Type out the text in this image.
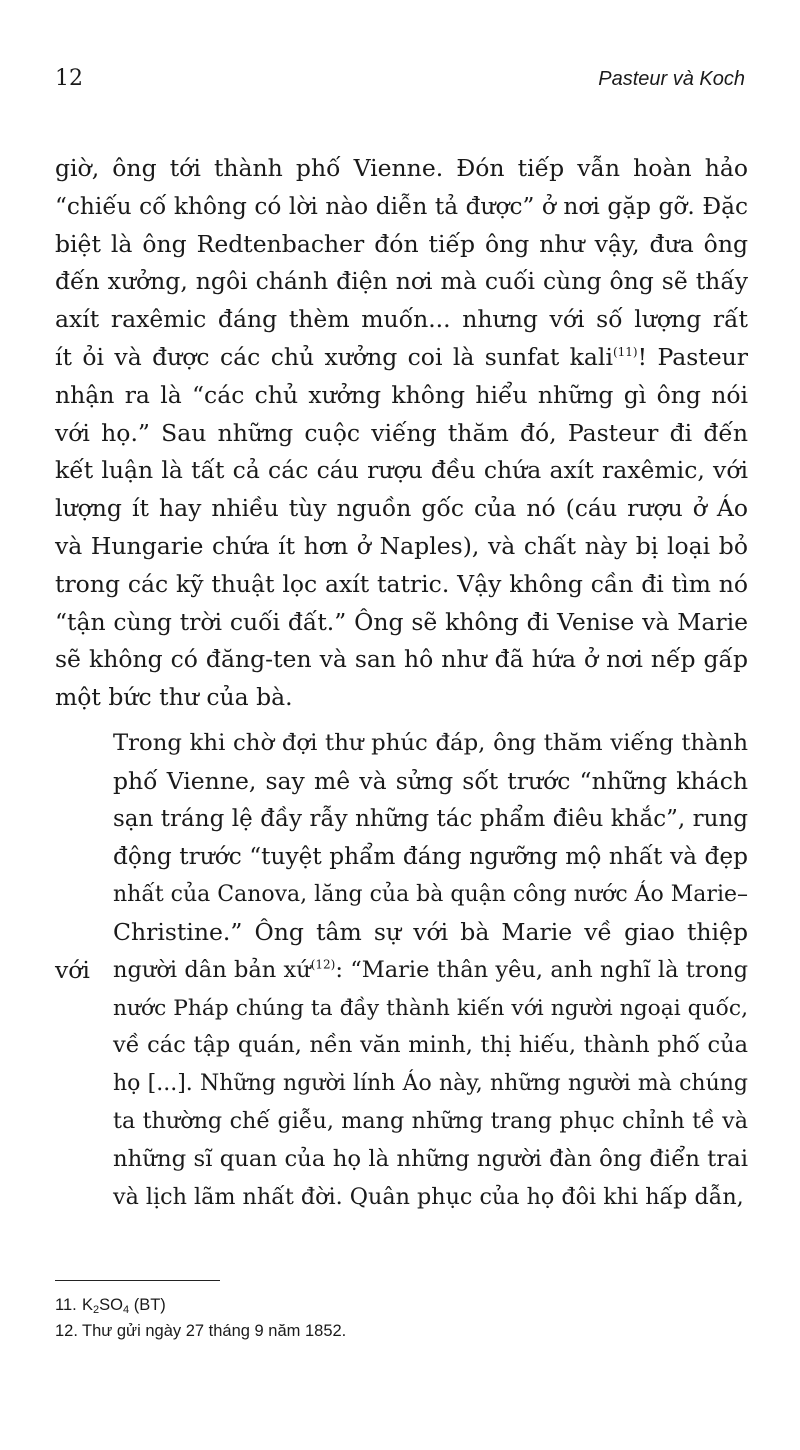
12	Pasteur và Koch
giờ, ông tới thành phố Vienne. Đón tiếp vẫn hoàn hảo
“chiếu cố không có lời nào diễn tả được” ở nơi gặp gỡ. Đặc
biệt là ông Redtenbacher đón tiếp ông như vậy, đưa ông
đến xưởng, ngôi chánh điện nơi mà cuối cùng ông sẽ thấy
axít raxêmic đáng thèm muốn... nhưng với số lượng rất
ít ỏi và được các chủ xưởng coi là sunfat kali$^{(11)}$! Pasteur
nhận ra là “các chủ xưởng không hiểu những gì ông nói
với họ.” Sau những cuộc viếng thăm đó, Pasteur đi đến
kết luận là tất cả các cáu rượu đều chứa axít raxêmic, với
lượng ít hay nhiều tùy nguồn gốc của nó (cáu rượu ở Áo
và Hungarie chứa ít hơn ở Naples), và chất này bị loại bỏ
trong các kỹ thuật lọc axít tatric. Vậy không cần đi tìm nó
“tận cùng trời cuối đất.” Ông sẽ không đi Venise và Marie
sẽ không có đăng-ten và san hô như đã hứa ở nơi nếp gấp
một bức thư của bà.
Trong khi chờ đợi thư phúc đáp, ông thăm viếng thành
phố Vienne, say mê và sửng sốt trước “những khách
sạn tráng lệ đầy rẫy những tác phẩm điêu khắc”, rung
động trước “tuyệt phẩm đáng ngưỡng mộ nhất và đẹp
nhất của Canova, lăng của bà quận công nước Áo Marie–
Christine.” Ông tâm sự với bà Marie về giao thiệp với	người dân bản xứ$^{(12)}$: “Marie thân yêu, anh nghĩ là trong
nước Pháp chúng ta đầy thành kiến với người ngoại quốc,
về các tập quán, nền văn minh, thị hiếu, thành phố của
họ [...]. Những người lính Áo này, những người mà chúng
ta thường chế giễu, mang những trang phục chỉnh tề và
những sĩ quan của họ là những người đàn ông điển trai
và lịch lãm nhất đời. Quân phục của họ đôi khi hấp dẫn,
11. $K_2SO_4$ (BT)
12. Thư gửi ngày 27 tháng 9 năm 1852.
